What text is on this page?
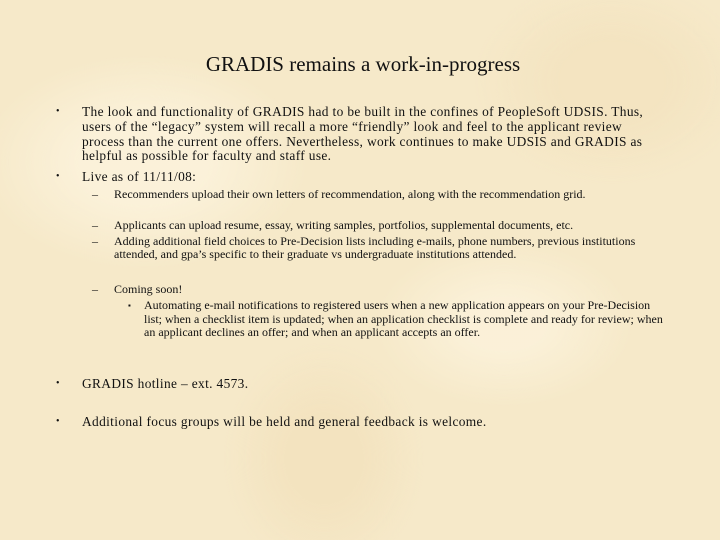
GRADIS remains a work-in-progress
• The look and functionality of GRADIS had to be built in the confines of PeopleSoft UDSIS. Thus, users of the “legacy” system will recall a more “friendly” look and feel to the applicant review process than the current one offers. Nevertheless, work continues to make UDSIS and GRADIS as helpful as possible for faculty and staff use.
• Live as of 11/11/08:
– Recommenders upload their own letters of recommendation, along with the recommendation grid.
– Applicants can upload resume, essay, writing samples, portfolios, supplemental documents, etc.
– Adding additional field choices to Pre-Decision lists including e-mails, phone numbers, previous institutions attended, and gpa’s specific to their graduate vs undergraduate institutions attended.
– Coming soon!
▪ Automating e-mail notifications to registered users when a new application appears on your Pre-Decision list; when a checklist item is updated; when an application checklist is complete and ready for review; when an applicant declines an offer; and when an applicant accepts an offer.
• GRADIS hotline – ext. 4573.
• Additional focus groups will be held and general feedback is welcome.
